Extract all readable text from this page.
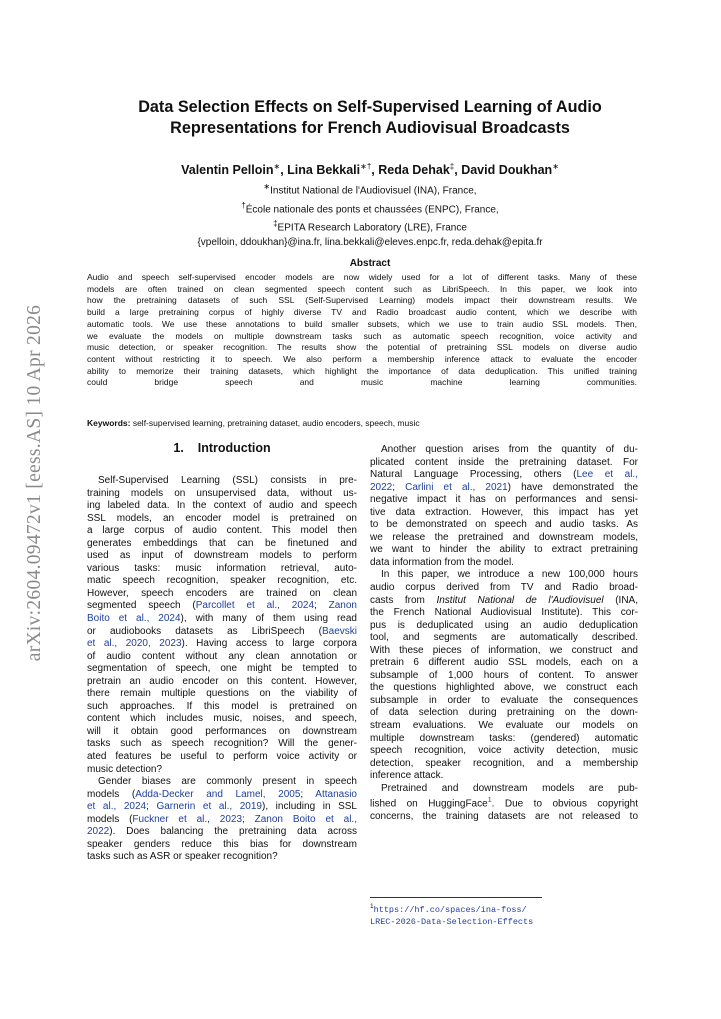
arXiv:2604.09472v1 [eess.AS] 10 Apr 2026
Data Selection Effects on Self-Supervised Learning of Audio
Representations for French Audiovisual Broadcasts
Valentin Pelloin∗, Lina Bekkali∗†, Reda Dehak‡, David Doukhan∗
∗Institut National de l'Audiovisuel (INA), France,
†École nationale des ponts et chaussées (ENPC), France,
‡EPITA Research Laboratory (LRE), France
{vpelloin, ddoukhan}@ina.fr, lina.bekkali@eleves.enpc.fr, reda.dehak@epita.fr
Abstract
Audio and speech self-supervised encoder models are now widely used for a lot of different tasks. Many of these
models are often trained on clean segmented speech content such as LibriSpeech. In this paper, we look into
how the pretraining datasets of such SSL (Self-Supervised Learning) models impact their downstream results. We
build a large pretraining corpus of highly diverse TV and Radio broadcast audio content, which we describe with
automatic tools. We use these annotations to build smaller subsets, which we use to train audio SSL models. Then,
we evaluate the models on multiple downstream tasks such as automatic speech recognition, voice activity and
music detection, or speaker recognition. The results show the potential of pretraining SSL models on diverse audio
content without restricting it to speech. We also perform a membership inference attack to evaluate the encoder
ability to memorize their training datasets, which highlight the importance of data deduplication. This unified training
could bridge speech and music machine learning communities.
Keywords: self-supervised learning, pretraining dataset, audio encoders, speech, music
1. Introduction
Self-Supervised Learning (SSL) consists in pre-
training models on unsupervised data, without us-
ing labeled data. In the context of audio and speech
SSL models, an encoder model is pretrained on
a large corpus of audio content. This model then
generates embeddings that can be finetuned and
used as input of downstream models to perform
various tasks: music information retrieval, auto-
matic speech recognition, speaker recognition, etc.
However, speech encoders are trained on clean
segmented speech (Parcollet et al., 2024; Zanon
Boito et al., 2024), with many of them using read
or audiobooks datasets as LibriSpeech (Baevski
et al., 2020, 2023). Having access to large corpora
of audio content without any clean annotation or
segmentation of speech, one might be tempted to
pretrain an audio encoder on this content. However,
there remain multiple questions on the viability of
such approaches. If this model is pretrained on
content which includes music, noises, and speech,
will it obtain good performances on downstream
tasks such as speech recognition? Will the gener-
ated features be useful to perform voice activity or
music detection?
Gender biases are commonly present in speech
models (Adda-Decker and Lamel, 2005; Attanasio
et al., 2024; Garnerin et al., 2019), including in SSL
models (Fuckner et al., 2023; Zanon Boito et al.,
2022). Does balancing the pretraining data across
speaker genders reduce this bias for downstream
tasks such as ASR or speaker recognition?
Another question arises from the quantity of du-
plicated content inside the pretraining dataset. For
Natural Language Processing, others (Lee et al.,
2022; Carlini et al., 2021) have demonstrated the
negative impact it has on performances and sensi-
tive data extraction. However, this impact has yet
to be demonstrated on speech and audio tasks. As
we release the pretrained and downstream models,
we want to hinder the ability to extract pretraining
data information from the model.
In this paper, we introduce a new 100,000 hours
audio corpus derived from TV and Radio broad-
casts from Institut National de l'Audiovisuel (INA,
the French National Audiovisual Institute). This cor-
pus is deduplicated using an audio deduplication
tool, and segments are automatically described.
With these pieces of information, we construct and
pretrain 6 different audio SSL models, each on a
subsample of 1,000 hours of content. To answer
the questions highlighted above, we construct each
subsample in order to evaluate the consequences
of data selection during pretraining on the down-
stream evaluations. We evaluate our models on
multiple downstream tasks: (gendered) automatic
speech recognition, voice activity detection, music
detection, speaker recognition, and a membership
inference attack.
Pretrained and downstream models are pub-
lished on HuggingFace$^1$. Due to obvious copyright
concerns, the training datasets are not released to
$^1$https://hf.co/spaces/ina-foss/
LREC-2026-Data-Selection-Effects
